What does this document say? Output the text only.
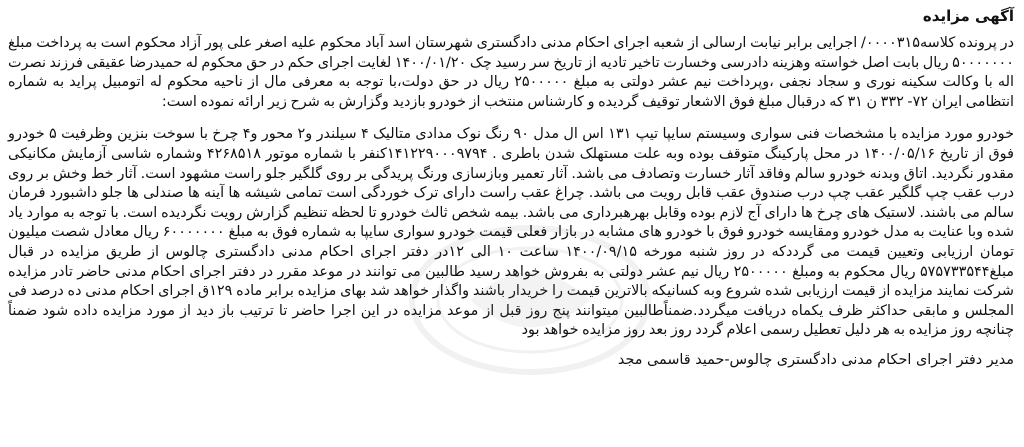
آگهی مزایده

در پرونده کلاسه۰۰۰۰۳۱۵/ اجرایی برابر نیابت ارسالی از شعبه اجرای احکام مدنی دادگستری شهرستان اسد آباد محکوم علیه اصغر علی پور آزاد محکوم است به پرداخت مبلغ ۵۰۰۰۰۰۰۰ ریال بابت اصل خواسته وهزینه دادرسی وخسارت تاخیر تادیه از تاریخ سر رسید چک ۱۴۰۰/۰۱/۲۰ لغایت اجرای حکم در حق محکوم له حمیدرضا عقیقی فرزند نصرت اله با وکالت سکینه نوری و سجاد نجفی ،وپرداخت نیم عشر دولتی به مبلغ ۲۵۰۰۰۰۰ ریال در حق دولت،با توجه به معرفی مال از ناحیه محکوم له اتومبیل پراید به شماره انتظامی ایران ۷۲- ۳۳۲ ن ۳۱ که درقبال مبلغ فوق الاشعار توقیف گردیده و کارشناس منتخب از خودرو بازدید وگزارش به شرح زیر ارائه نموده است:

خودرو مورد مزایده با مشخصات فنی سواری وسیستم سایپا تیپ ۱۳۱ اس ال مدل ۹۰ رنگ نوک مدادی متالیک ۴ سیلندر و۲ محور و۴ چرخ با سوخت بنزین وظرفیت ۵ خودرو فوق از تاریخ ۱۴۰۰/۰۵/۱۶ در محل پارکینگ متوقف بوده وبه علت مستهلک شدن باطری . ۱۴۱۲۲۹۰۰۰۹۷۹۴کنفر با شماره موتور ۴۲۶۸۵۱۸ وشماره شاسی آزمایش مکانیکی مقدور نگردید. اتاق وبدنه خودرو سالم وفاقد آثار خسارت وتصادف می باشد. آثار تعمیر وبازسازی ورنگ پریدگی بر روی گلگیر جلو راست مشهود است. آثار خط وخش بر روی درب عقب چپ گلگیر عقب چپ درب صندوق عقب قابل رویت می باشد. چراغ عقب راست دارای ترک خوردگی است تمامی شیشه ها آینه ها صندلی ها جلو داشبورد فرمان سالم می باشند. لاستیک های چرخ ها دارای آج لازم بوده وقابل بهرهبرداری می باشد. بیمه شخص ثالث خودرو تا لحظه تنظیم گزارش رویت نگردیده است. با توجه به موارد یاد شده وبا عنایت به مدل خودرو ومقایسه خودرو فوق با خودرو های مشابه در بازار فعلی قیمت خودرو سواری سایپا به شماره فوق به مبلغ ۶۰۰۰۰۰۰۰ ریال معادل شصت میلیون تومان ارزیابی وتعیین قیمت می گرددکه در روز شنبه مورخه ۱۴۰۰/۰۹/۱۵ ساعت ۱۰ الی ۱۲در دفتر اجرای احکام مدنی دادگستری چالوس از طریق مزایده در قبال مبلغ۵۷۵۷۳۳۵۴۴ ریال محکوم به ومبلغ ۲۵۰۰۰۰۰ ریال نیم عشر دولتی به بفروش خواهد رسید طالبین می توانند در موعد مقرر در دفتر اجرای احکام مدنی حاضر تادر مزایده شرکت نمایند مزایده از قیمت ارزیابی شده شروع وبه کسانیکه بالاترین قیمت را خریدار باشند واگذار خواهد شد بهای مزایده برابر ماده ۱۲۹ق اجرای احکام مدنی ده درصد فی المجلس و مابقی حداکثر ظرف یکماه دریافت میگردد.ضمناًطالبین میتوانند پنج روز قبل از موعد مزایده در این اجرا حاضر تا ترتیب باز دید از مورد مزایده داده شود ضمناً چنانچه روز مزایده به هر دلیل تعطیل رسمی اعلام گردد روز بعد روز مزایده خواهد بود

مدیر دفتر اجرای احکام مدنی دادگستری چالوس-حمید قاسمی مجد
